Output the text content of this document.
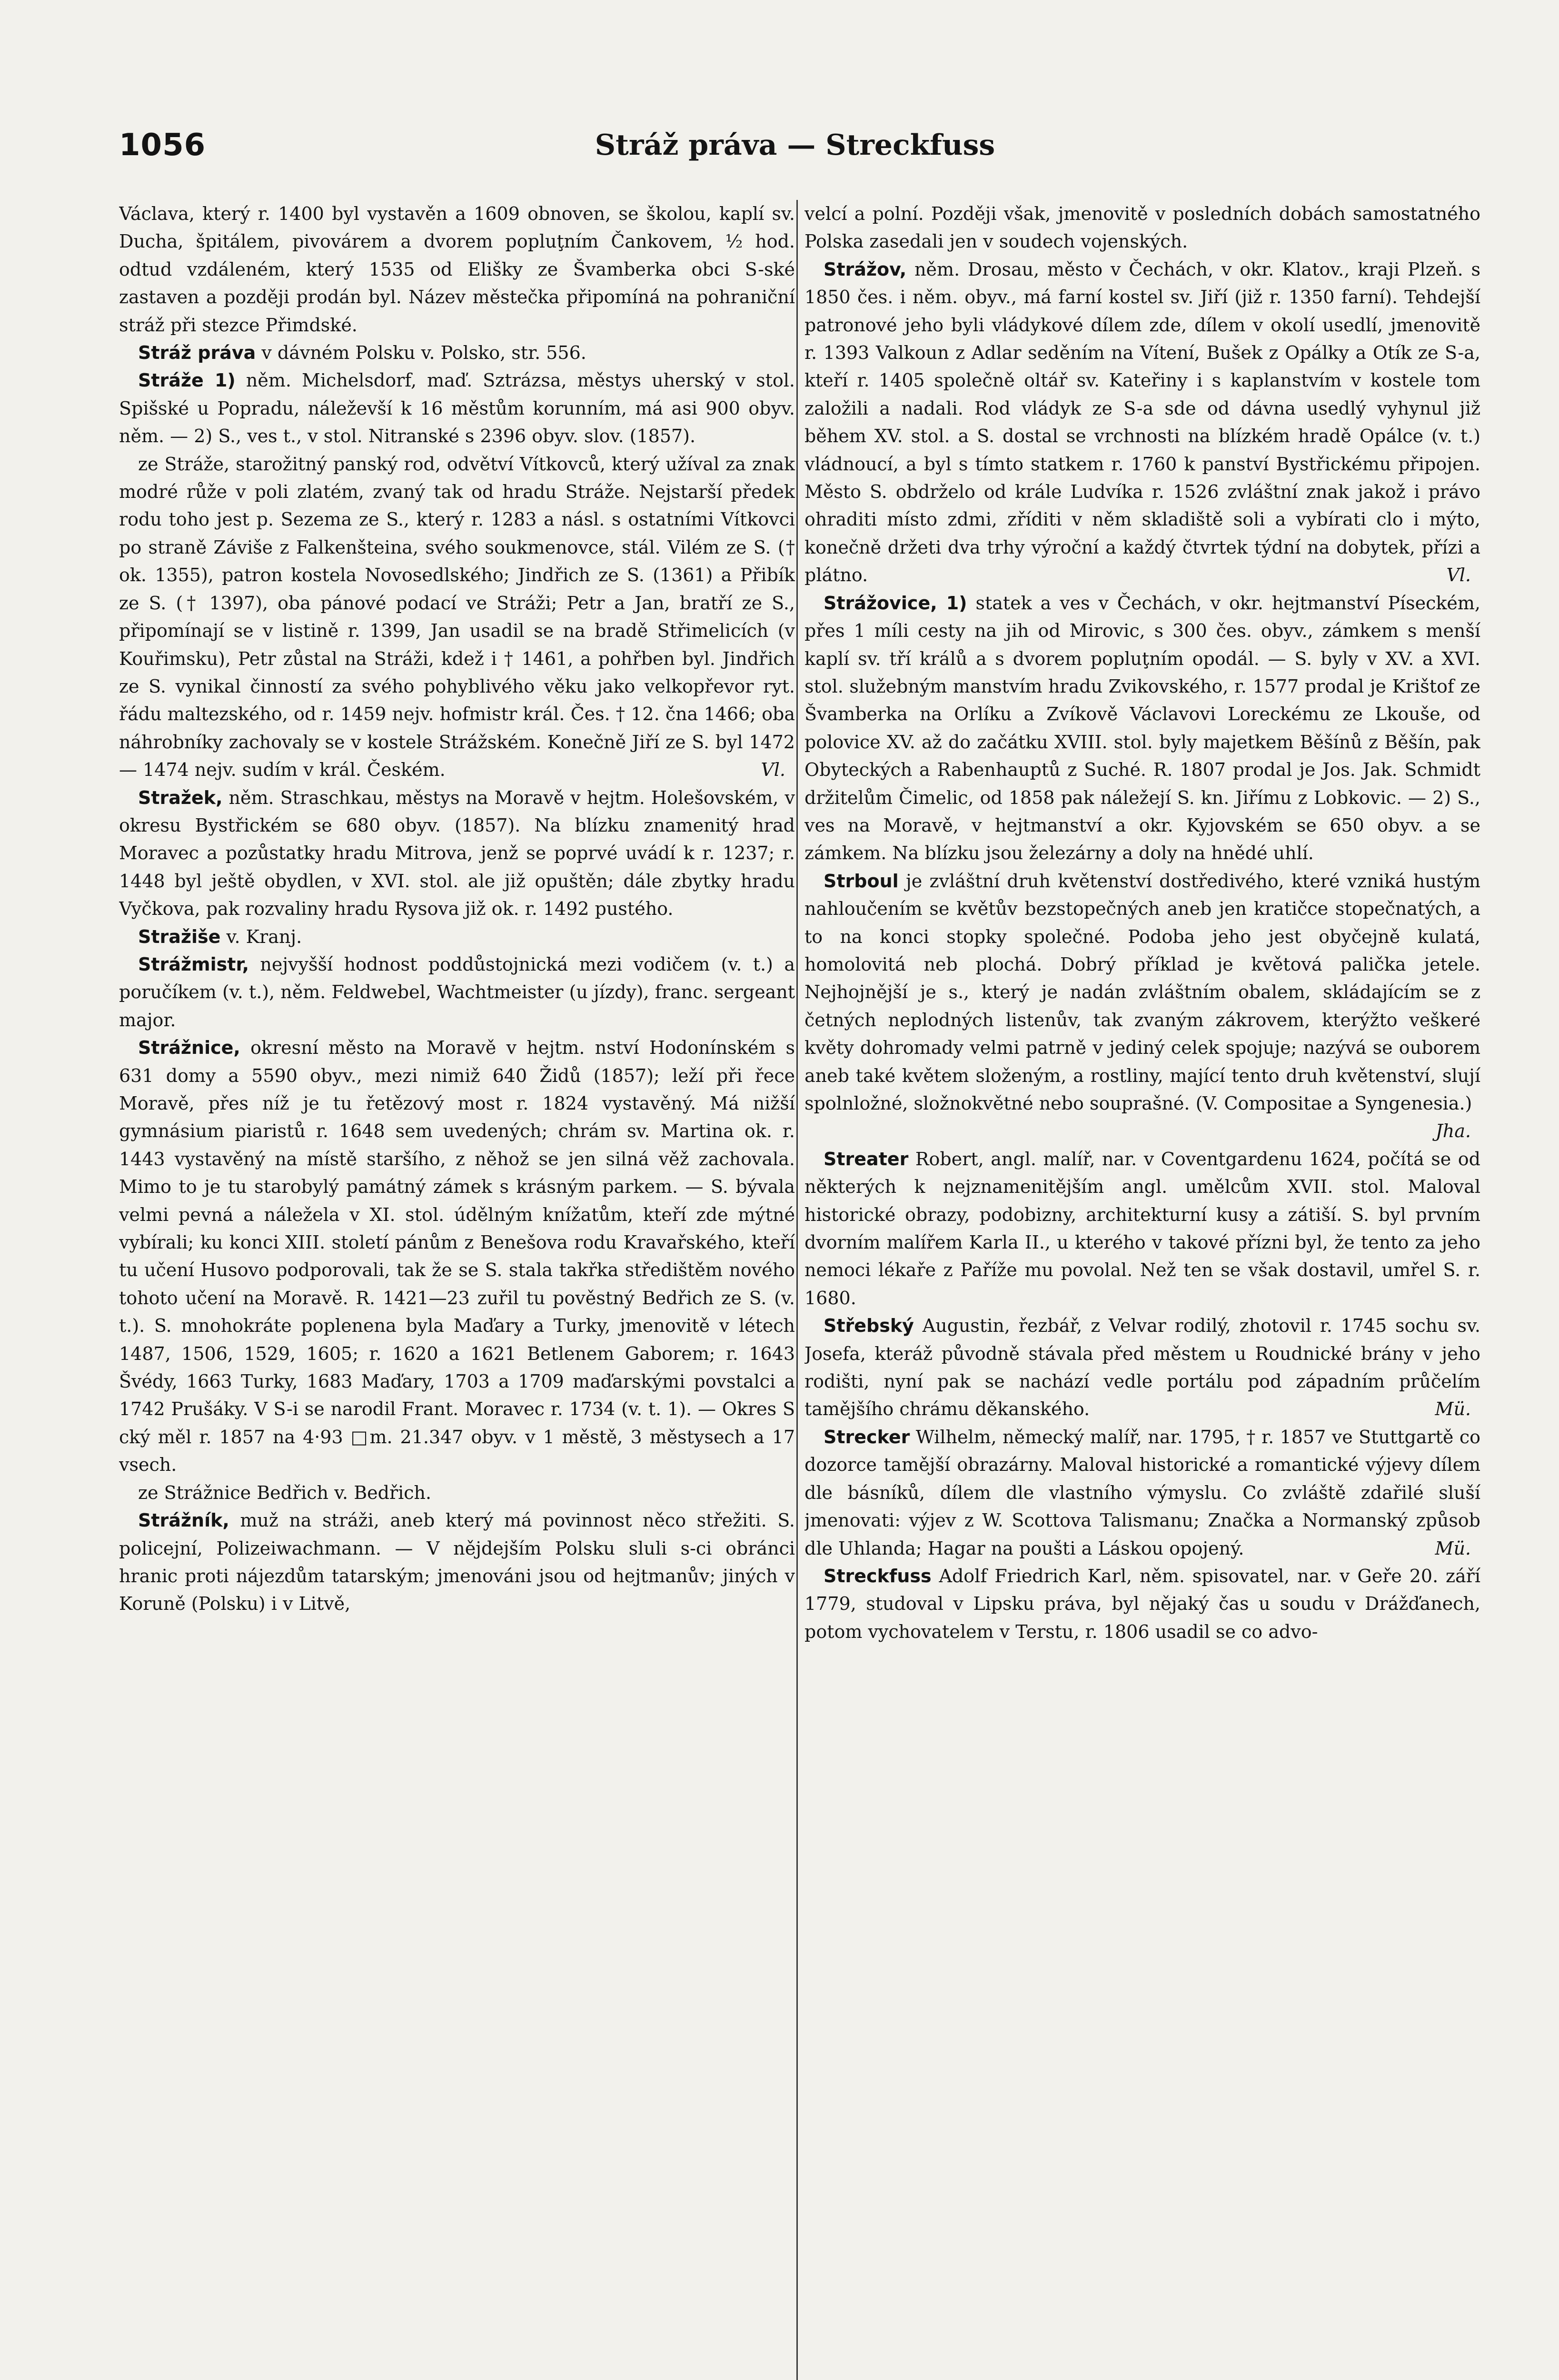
1056	Stráž práva — Streckfuss

Václava, který r. 1400 byl vystavěn a 1609 obnoven, se školou, kaplí sv. Ducha, špitálem, pivovárem a dvorem popluţním Čankovem, ½ hod. odtud vzdáleném, který 1535 od Elišky ze Švamberka obci S-ské zastaven a později prodán byl. Název městečka připomíná na pohraniční stráž při stezce Přimdské.

Stráž práva v dávném Polsku v. Polsko, str. 556.

Stráže 1) něm. Michelsdorf, maď. Sztrázsa, městys uherský v stol. Spišské u Popradu, náleževší k 16 městům korunním, má asi 900 obyv. něm. — 2) S., ves t., v stol. Nitranské s 2396 obyv. slov. (1857).

ze Stráže, starožitný panský rod, odvětví Vítkovců, který užíval za znak modré růže v poli zlatém, zvaný tak od hradu Stráže. Nejstarší předek rodu toho jest p. Sezema ze S., který r. 1283 a násl. s ostatními Vítkovci po straně Záviše z Falkenšteina, svého soukmenovce, stál. Vilém ze S. († ok. 1355), patron kostela Novosedlského; Jindřich ze S. (1361) a Přibík ze S. († 1397), oba pánové podací ve Stráži; Petr a Jan, bratří ze S., připomínají se v listině r. 1399, Jan usadil se na bradě Střimelicích (v Kouřimsku), Petr zůstal na Stráži, kdež i † 1461, a pohřben byl. Jindřich ze S. vynikal činností za svého pohyblivého věku jako velkopřevor ryt. řádu maltezského, od r. 1459 nejv. hofmistr král. Čes. † 12. čna 1466; oba náhrobníky zachovaly se v kostele Strážském. Konečně Jiří ze S. byl 1472 — 1474 nejv. sudím v král. Českém.	Vl.

Stražek, něm. Straschkau, městys na Moravě v hejtm. Holešovském, v okresu Bystřickém se 680 obyv. (1857). Na blízku znamenitý hrad Moravec a pozůstatky hradu Mitrova, jenž se poprvé uvádí k r. 1237; r. 1448 byl ještě obydlen, v XVI. stol. ale již opuštěn; dále zbytky hradu Vyčkova, pak rozvaliny hradu Rysova již ok. r. 1492 pustého.

Stražiše v. Kranj.

Strážmistr, nejvyšší hodnost poddůstojnická mezi vodičem (v. t.) a poručíkem (v. t.), něm. Feldwebel, Wachtmeister (u jízdy), franc. sergeant major.

Strážnice, okresní město na Moravě v hejtm. nství Hodonínském s 631 domy a 5590 obyv., mezi nimiž 640 Židů (1857); leží při řece Moravě, přes níž je tu řetězový most r. 1824 vystavěný. Má nižší gymnásium piaristů r. 1648 sem uvedených; chrám sv. Martina ok. r. 1443 vystavěný na místě staršího, z něhož se jen silná věž zachovala. Mimo to je tu starobylý památný zámek s krásným parkem. — S. bývala velmi pevná a náležela v XI. stol. údělným knížatům, kteří zde mýtné vybírali; ku konci XIII. století pánům z Benešova rodu Kravařského, kteří tu učení Husovo podporovali, tak že se S. stala takřka středištěm nového tohoto učení na Moravě. R. 1421—23 zuřil tu pověstný Bedřich ze S. (v. t.). S. mnohokráte poplenena byla Maďary a Turky, jmenovitě v létech 1487, 1506, 1529, 1605; r. 1620 a 1621 Betlenem Gaborem; r. 1643 Švédy, 1663 Turky, 1683 Maďary, 1703 a 1709 maďarskými povstalci a 1742 Prušáky. V S-i se narodil Frant. Moravec r. 1734 (v. t. 1). — Okres S cký měl r. 1857 na 4·93 □m. 21.347 obyv. v 1 městě, 3 městysech a 17 vsech.

ze Strážnice Bedřich v. Bedřich.

Strážník, muž na stráži, aneb který má povinnost něco střežiti. S. policejní, Polizeiwachmann. — V nějdejším Polsku sluli s-ci obránci hranic proti nájezdům tatarským; jmenováni jsou od hejtmanův; jiných v Koruně (Polsku) i v Litvě,

velcí a polní. Později však, jmenovitě v posledních dobách samostatného Polska zasedali jen v soudech vojenských.

Strážov, něm. Drosau, město v Čechách, v okr. Klatov., kraji Plzeň. s 1850 čes. i něm. obyv., má farní kostel sv. Jiří (již r. 1350 farní). Tehdejší patronové jeho byli vládykové dílem zde, dílem v okolí usedlí, jmenovitě r. 1393 Valkoun z Adlar seděním na Vítení, Bušek z Opálky a Otík ze S-a, kteří r. 1405 společně oltář sv. Kateřiny i s kaplanstvím v kostele tom založili a nadali. Rod vládyk ze S-a sde od dávna usedlý vyhynul již během XV. stol. a S. dostal se vrchnosti na blízkém hradě Opálce (v. t.) vládnoucí, a byl s tímto statkem r. 1760 k panství Bystřickému připojen. Město S. obdrželo od krále Ludvíka r. 1526 zvláštní znak jakož i právo ohraditi místo zdmi, zříditi v něm skladiště soli a vybírati clo i mýto, konečně držeti dva trhy výroční a každý čtvrtek týdní na dobytek, přízi a plátno.	Vl.

Strážovice, 1) statek a ves v Čechách, v okr. hejtmanství Píseckém, přes 1 míli cesty na jih od Mirovic, s 300 čes. obyv., zámkem s menší kaplí sv. tří králů a s dvorem popluţním opodál. — S. byly v XV. a XVI. stol. služebným manstvím hradu Zvikovského, r. 1577 prodal je Krištof ze Švamberka na Orlíku a Zvíkově Václavovi Loreckému ze Lkouše, od polovice XV. až do začátku XVIII. stol. byly majetkem Běšínů z Běšín, pak Obyteckých a Rabenhauptů z Suché. R. 1807 prodal je Jos. Jak. Schmidt držitelům Čimelic, od 1858 pak náležejí S. kn. Jiřímu z Lobkovic. — 2) S., ves na Moravě, v hejtmanství a okr. Kyjovském se 650 obyv. a se zámkem. Na blízku jsou železárny a doly na hnědé uhlí.

Strboul je zvláštní druh květenství dostředivého, které vzniká hustým nahloučením se květův bezstopečných aneb jen kratičce stopečnatých, a to na konci stopky společné. Podoba jeho jest obyčejně kulatá, homolovitá neb plochá. Dobrý příklad je květová palička jetele. Nejhojnější je s., který je nadán zvláštním obalem, skládajícím se z četných neplodných listenův, tak zvaným zákrovem, kterýžto veškeré květy dohromady velmi patrně v jediný celek spojuje; nazývá se ouborem aneb také květem složeným, a rostliny, mající tento druh květenství, slují spolnložné, složnokvětné nebo souprašné. (V. Compositae a Syngenesia.)
Jha.

Streater Robert, angl. malíř, nar. v Coventgardenu 1624, počítá se od některých k nejznamenitějším angl. umělcům XVII. stol. Maloval historické obrazy, podobizny, architekturní kusy a zátiší. S. byl prvním dvorním malířem Karla II., u kterého v takové přízni byl, že tento za jeho nemoci lékaře z Paříže mu povolal. Než ten se však dostavil, umřel S. r. 1680.

Střebský Augustin, řezbář, z Velvar rodilý, zhotovil r. 1745 sochu sv. Josefa, kteráž původně stávala před městem u Roudnické brány v jeho rodišti, nyní pak se nachází vedle portálu pod západním průčelím tamějšího chrámu děkanského.	Mü.

Strecker Wilhelm, německý malíř, nar. 1795, † r. 1857 ve Stuttgartě co dozorce tamější obrazárny. Maloval historické a romantické výjevy dílem dle básníků, dílem dle vlastního výmyslu. Co zvláště zdařilé sluší jmenovati: výjev z W. Scottova Talismanu; Značka a Normanský způsob dle Uhlanda; Hagar na poušti a Láskou opojený.	Mü.

Streckfuss Adolf Friedrich Karl, něm. spisovatel, nar. v Geře 20. září 1779, studoval v Lipsku práva, byl nějaký čas u soudu v Drážďanech, potom vychovatelem v Terstu, r. 1806 usadil se co advo-
